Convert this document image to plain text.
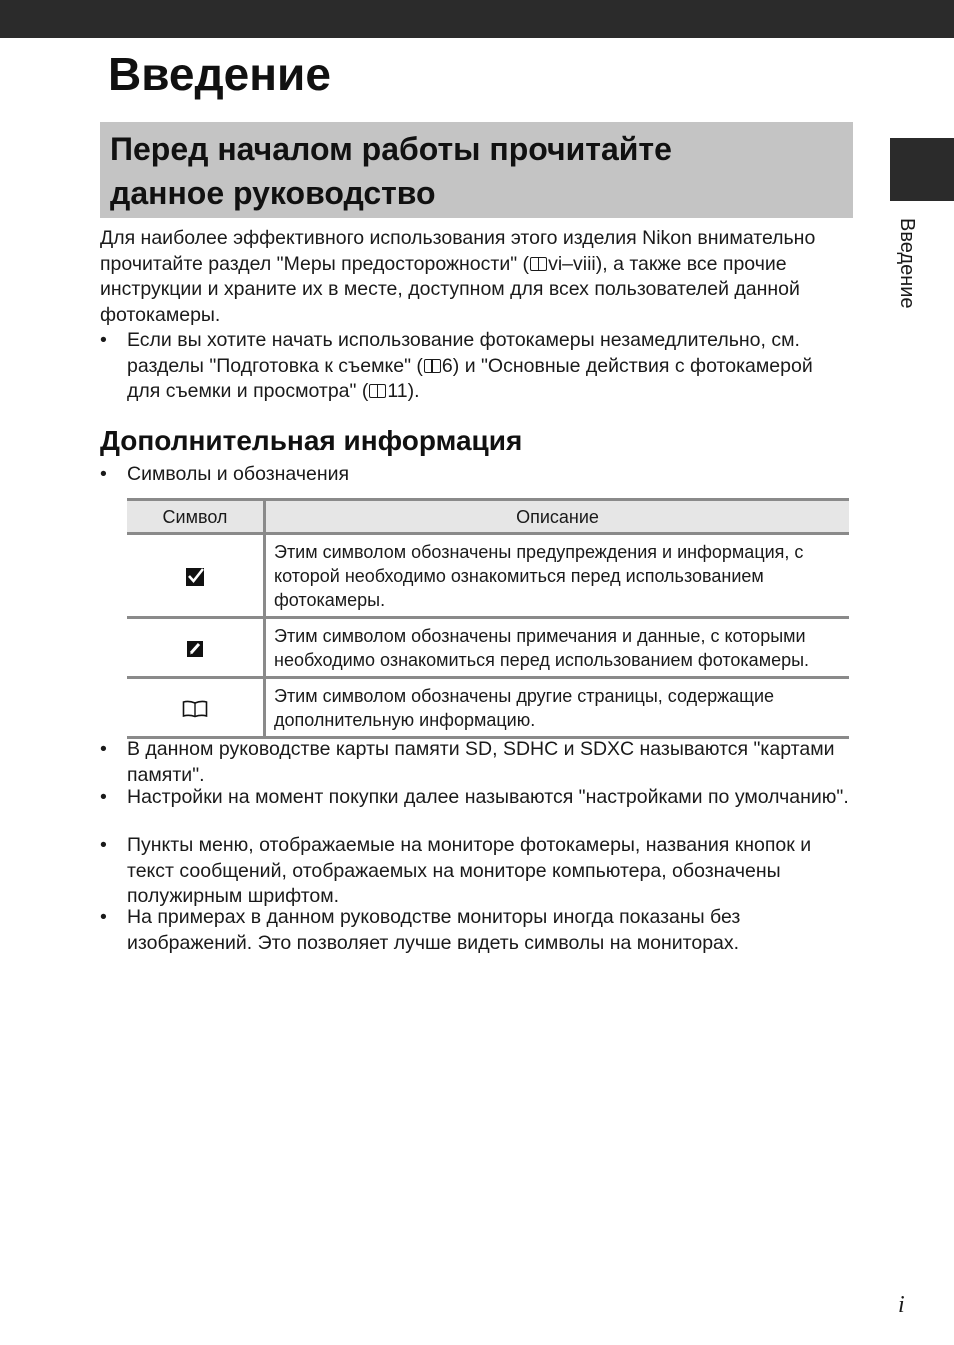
Введение
Перед началом работы прочитайте
данное руководство
Введение

Для наиболее эффективного использования этого изделия Nikon внимательно прочитайте раздел "Меры предосторожности" ( vi–viii), а также все прочие инструкции и храните их в месте, доступном для всех пользователей данной фотокамеры.

• Если вы хотите начать использование фотокамеры незамедлительно, см. разделы "Подготовка к съемке" ( 6) и "Основные действия с фотокамерой для съемки и просмотра" ( 11).
Дополнительная информация
• Символы и обозначения
Символ	Описание
	Этим символом обозначены предупреждения и информация, с которой необходимо ознакомиться перед использованием фотокамеры.
	Этим символом обозначены примечания и данные, с которыми необходимо ознакомиться перед использованием фотокамеры.
	Этим символом обозначены другие страницы, содержащие дополнительную информацию.
• В данном руководстве карты памяти SD, SDHC и SDXC называются "картами памяти".
• Настройки на момент покупки далее называются "настройками по умолчанию".
• Пункты меню, отображаемые на мониторе фотокамеры, названия кнопок и текст сообщений, отображаемых на мониторе компьютера, обозначены полужирным шрифтом.
• На примерах в данном руководстве мониторы иногда показаны без изображений. Это позволяет лучше видеть символы на мониторах.
i
